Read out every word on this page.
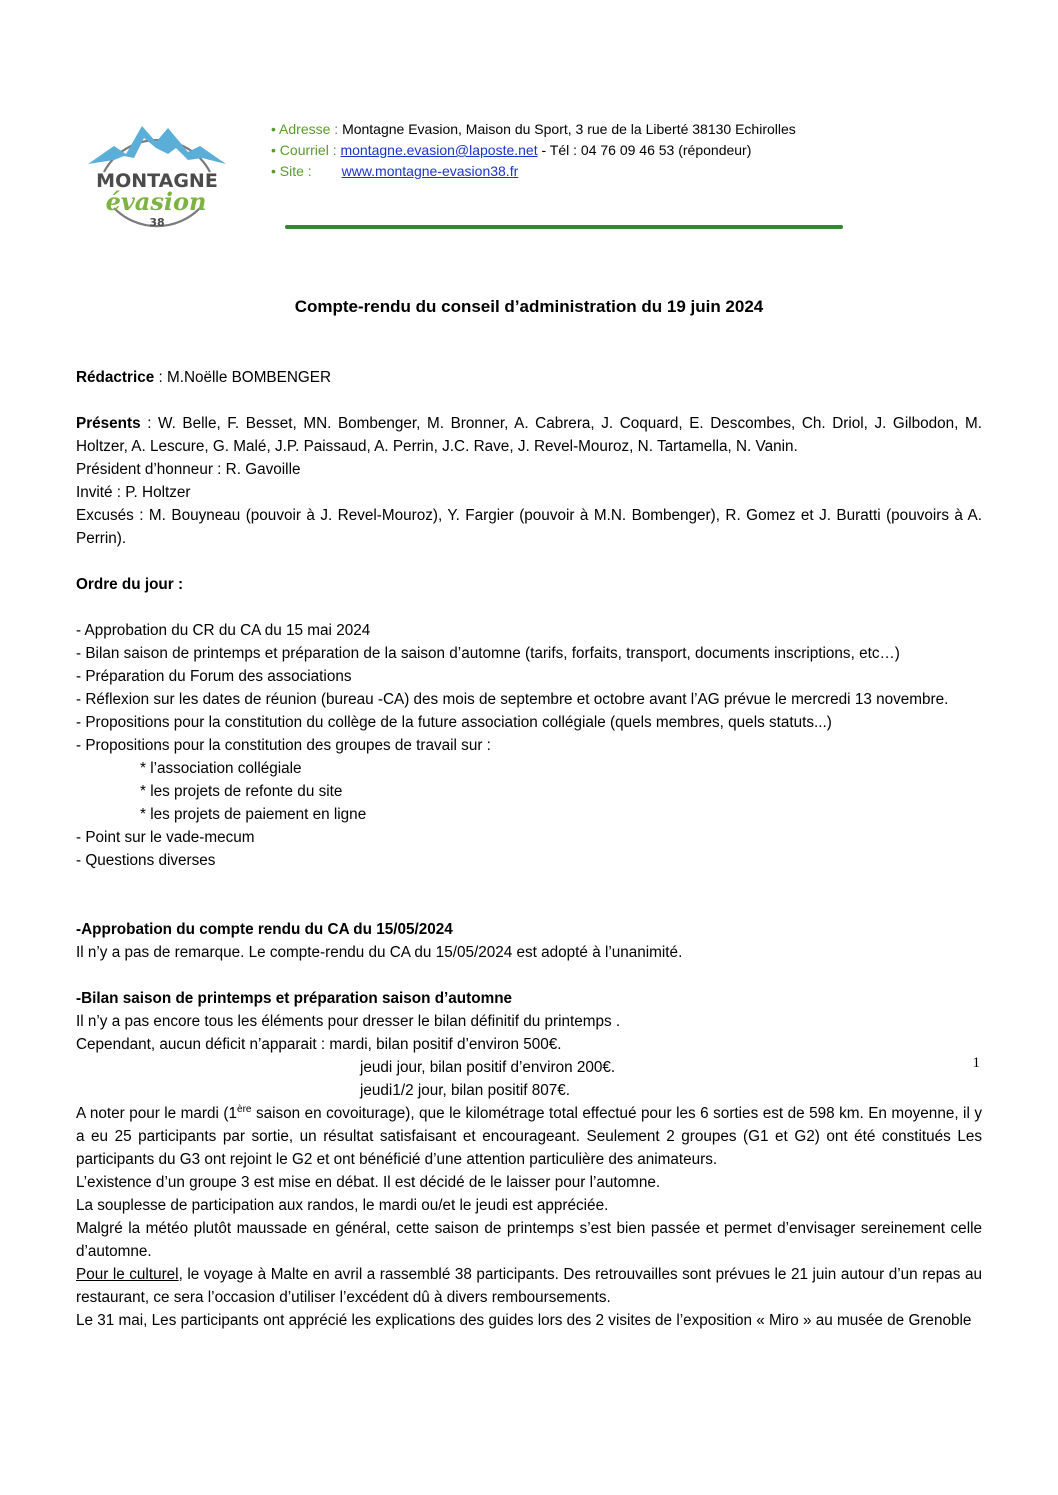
MONTAGNE
évasion
38
• Adresse : Montagne Evasion, Maison du Sport, 3 rue de la Liberté 38130 Echirolles
• Courriel : montagne.evasion@laposte.net - Tél : 04 76 09 46 53 (répondeur)
• Site : www.montagne-evasion38.fr
Compte-rendu du conseil d’administration du 19 juin 2024

Rédactrice : M.Noëlle BOMBENGER

Présents : W. Belle, F. Besset, MN. Bombenger, M. Bronner, A. Cabrera, J. Coquard, E. Descombes, Ch. Driol, J. Gilbodon, M. Holtzer, A. Lescure, G. Malé, J.P. Paissaud, A. Perrin, J.C. Rave, J. Revel-Mouroz, N. Tartamella, N. Vanin.

Président d’honneur : R. Gavoille

Invité : P. Holtzer

Excusés : M. Bouyneau (pouvoir à J. Revel-Mouroz), Y. Fargier (pouvoir à M.N. Bombenger), R. Gomez et J. Buratti (pouvoirs à A. Perrin).

Ordre du jour :

- Approbation du CR du CA du 15 mai 2024

- Bilan saison de printemps et préparation de la saison d’automne (tarifs, forfaits, transport, documents inscriptions, etc…)

- Préparation du Forum des associations

- Réflexion sur les dates de réunion (bureau -CA) des mois de septembre et octobre avant l’AG prévue le mercredi 13 novembre.

- Propositions pour la constitution du collège de la future association collégiale (quels membres, quels statuts...)

- Propositions pour la constitution des groupes de travail sur :

* l’association collégiale

* les projets de refonte du site

* les projets de paiement en ligne

- Point sur le vade-mecum

- Questions diverses

-Approbation du compte rendu du CA du 15/05/2024

Il n’y a pas de remarque. Le compte-rendu du CA du 15/05/2024 est adopté à l’unanimité.

-Bilan saison de printemps et préparation saison d’automne

Il n’y a pas encore tous les éléments pour dresser le bilan définitif du printemps .

Cependant, aucun déficit n’apparait : mardi, bilan positif d’environ 500€.

jeudi jour, bilan positif d’environ 200€.

jeudi1/2 jour, bilan positif 807€.

A noter pour le mardi (1ère saison en covoiturage), que le kilométrage total effectué pour les 6 sorties est de 598 km. En moyenne, il y a eu 25 participants par sortie, un résultat satisfaisant et encourageant. Seulement 2 groupes (G1 et G2) ont été constitués Les participants du G3 ont rejoint le G2 et ont bénéficié d’une attention particulière des animateurs.

L’existence d’un groupe 3 est mise en débat. Il est décidé de le laisser pour l’automne.

La souplesse de participation aux randos, le mardi ou/et le jeudi est appréciée.

Malgré la météo plutôt maussade en général, cette saison de printemps s’est bien passée et permet d’envisager sereinement celle d’automne.

Pour le culturel, le voyage à Malte en avril a rassemblé 38 participants. Des retrouvailles sont prévues le 21 juin autour d’un repas au restaurant, ce sera l’occasion d’utiliser l’excédent dû à divers remboursements.

Le 31 mai, Les participants ont apprécié les explications des guides lors des 2 visites de l’exposition « Miro » au musée de Grenoble

1
